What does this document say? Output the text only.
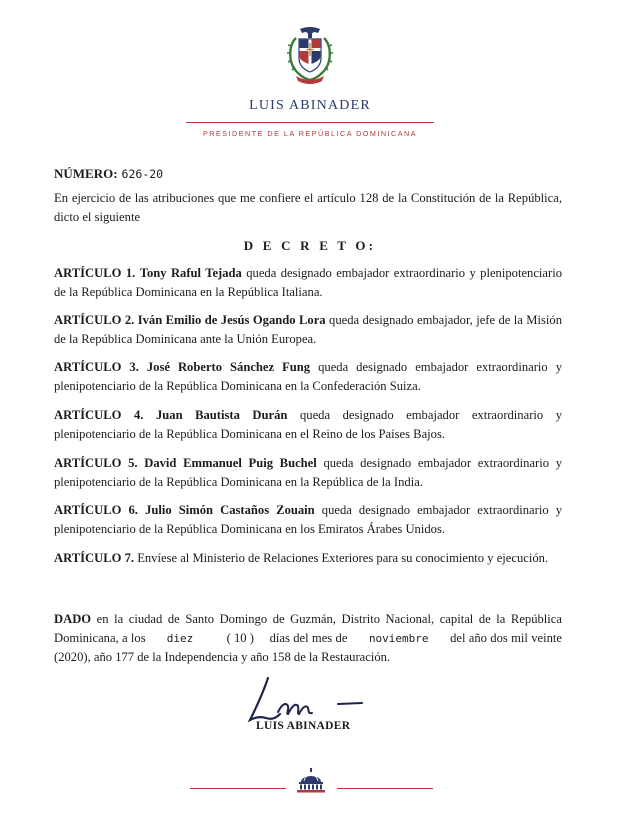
LUIS ABINADER
PRESIDENTE DE LA REPÚBLICA DOMINICANA
NÚMERO: 626-20
En ejercicio de las atribuciones que me confiere el artículo 128 de la Constitución de la República, dicto el siguiente
D E C R E T O:
ARTÍCULO 1. Tony Raful Tejada queda designado embajador extraordinario y plenipotenciario de la República Dominicana en la República Italiana.
ARTÍCULO 2. Iván Emilio de Jesús Ogando Lora queda designado embajador, jefe de la Misión de la República Dominicana ante la Unión Europea.
ARTÍCULO 3. José Roberto Sánchez Fung queda designado embajador extraordinario y plenipotenciario de la República Dominicana en la Confederación Suiza.
ARTÍCULO 4. Juan Bautista Durán queda designado embajador extraordinario y plenipotenciario de la República Dominicana en el Reino de los Países Bajos.
ARTÍCULO 5. David Emmanuel Puig Buchel queda designado embajador extraordinario y plenipotenciario de la República Dominicana en la República de la India.
ARTÍCULO 6. Julio Simón Castaños Zouain queda designado embajador extraordinario y plenipotenciario de la República Dominicana en los Emiratos Árabes Unidos.
ARTÍCULO 7. Envíese al Ministerio de Relaciones Exteriores para su conocimiento y ejecución.
DADO en la ciudad de Santo Domingo de Guzmán, Distrito Nacional, capital de la República Dominicana, a los diez	( 10 ) días del mes de noviembre del año dos mil veinte (2020), año 177 de la Independencia y año 158 de la Restauración.
LUIS ABINADER
